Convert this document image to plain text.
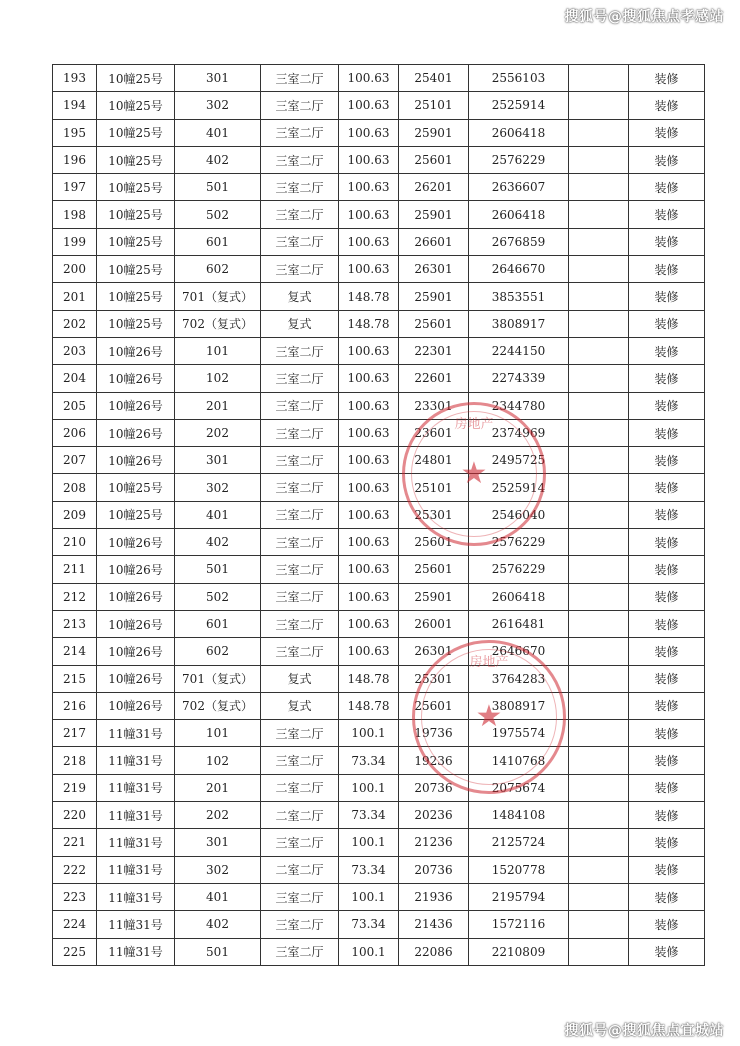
搜狐号@搜狐焦点孝感站
193	10幢25号	301	三室二厅	100.63	25401	2556103		装修
194	10幢25号	302	三室二厅	100.63	25101	2525914		装修
195	10幢25号	401	三室二厅	100.63	25901	2606418		装修
196	10幢25号	402	三室二厅	100.63	25601	2576229		装修
197	10幢25号	501	三室二厅	100.63	26201	2636607		装修
198	10幢25号	502	三室二厅	100.63	25901	2606418		装修
199	10幢25号	601	三室二厅	100.63	26601	2676859		装修
200	10幢25号	602	三室二厅	100.63	26301	2646670		装修
201	10幢25号	701（复式）	复式	148.78	25901	3853551		装修
202	10幢25号	702（复式）	复式	148.78	25601	3808917		装修
203	10幢26号	101	三室二厅	100.63	22301	2244150		装修
204	10幢26号	102	三室二厅	100.63	22601	2274339		装修
205	10幢26号	201	三室二厅	100.63	23301	2344780		装修
206	10幢26号	202	三室二厅	100.63	23601	2374969		装修
207	10幢26号	301	三室二厅	100.63	24801	2495725		装修
208	10幢25号	302	三室二厅	100.63	25101	2525914		装修
209	10幢25号	401	三室二厅	100.63	25301	2546040		装修
210	10幢26号	402	三室二厅	100.63	25601	2576229		装修
211	10幢26号	501	三室二厅	100.63	25601	2576229		装修
212	10幢26号	502	三室二厅	100.63	25901	2606418		装修
213	10幢26号	601	三室二厅	100.63	26001	2616481		装修
214	10幢26号	602	三室二厅	100.63	26301	2646670		装修
215	10幢26号	701（复式）	复式	148.78	25301	3764283		装修
216	10幢26号	702（复式）	复式	148.78	25601	3808917		装修
217	11幢31号	101	三室二厅	100.1	19736	1975574		装修
218	11幢31号	102	三室二厅	73.34	19236	1410768		装修
219	11幢31号	201	二室二厅	100.1	20736	2075674		装修
220	11幢31号	202	二室二厅	73.34	20236	1484108		装修
221	11幢31号	301	三室二厅	100.1	21236	2125724		装修
222	11幢31号	302	二室二厅	73.34	20736	1520778		装修
223	11幢31号	401	三室二厅	100.1	21936	2195794		装修
224	11幢31号	402	三室二厅	73.34	21436	1572116		装修
225	11幢31号	501	三室二厅	100.1	22086	2210809		装修
房地产
★
房地产
★
搜狐号@搜狐焦点宜城站
